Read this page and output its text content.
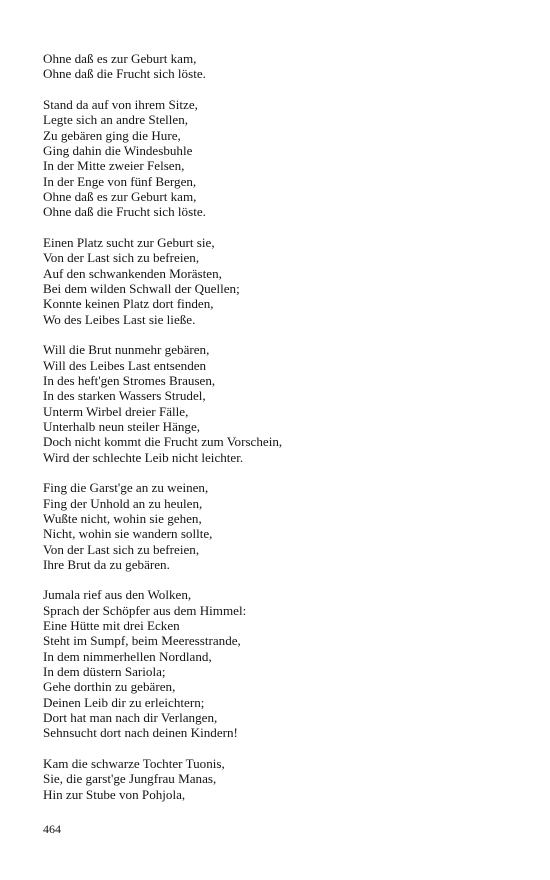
Ohne daß es zur Geburt kam,
Ohne daß die Frucht sich löste.
Stand da auf von ihrem Sitze,
Legte sich an andre Stellen,
Zu gebären ging die Hure,
Ging dahin die Windesbuhle
In der Mitte zweier Felsen,
In der Enge von fünf Bergen,
Ohne daß es zur Geburt kam,
Ohne daß die Frucht sich löste.
Einen Platz sucht zur Geburt sie,
Von der Last sich zu befreien,
Auf den schwankenden Morästen,
Bei dem wilden Schwall der Quellen;
Konnte keinen Platz dort finden,
Wo des Leibes Last sie ließe.
Will die Brut nunmehr gebären,
Will des Leibes Last entsenden
In des heft'gen Stromes Brausen,
In des starken Wassers Strudel,
Unterm Wirbel dreier Fälle,
Unterhalb neun steiler Hänge,
Doch nicht kommt die Frucht zum Vorschein,
Wird der schlechte Leib nicht leichter.
Fing die Garst'ge an zu weinen,
Fing der Unhold an zu heulen,
Wußte nicht, wohin sie gehen,
Nicht, wohin sie wandern sollte,
Von der Last sich zu befreien,
Ihre Brut da zu gebären.
Jumala rief aus den Wolken,
Sprach der Schöpfer aus dem Himmel:
Eine Hütte mit drei Ecken
Steht im Sumpf, beim Meeresstrande,
In dem nimmerhellen Nordland,
In dem düstern Sariola;
Gehe dorthin zu gebären,
Deinen Leib dir zu erleichtern;
Dort hat man nach dir Verlangen,
Sehnsucht dort nach deinen Kindern!
Kam die schwarze Tochter Tuonis,
Sie, die garst'ge Jungfrau Manas,
Hin zur Stube von Pohjola,
464
